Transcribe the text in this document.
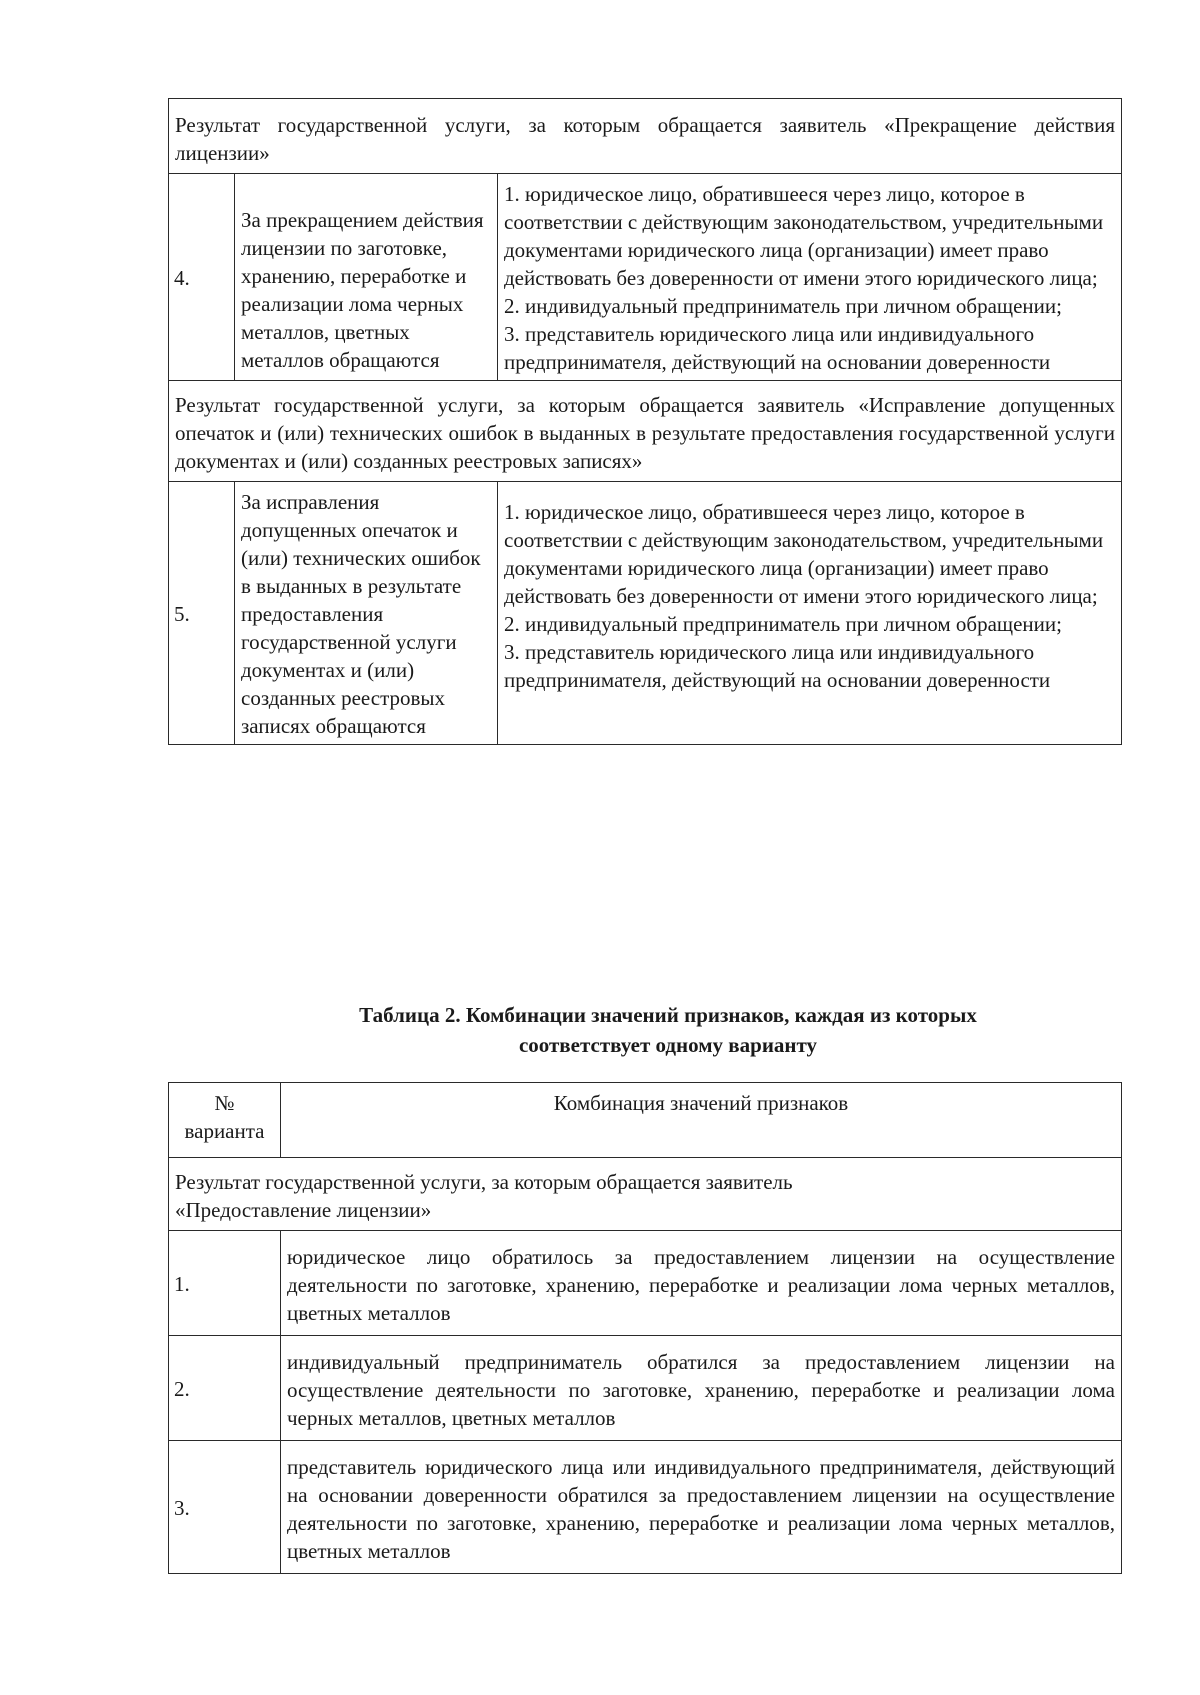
Результат государственной услуги, за которым обращается заявитель «Прекращение действия лицензии»		
4.	За прекращением действия лицензии по заготовке, хранению, переработке и реализации лома черных металлов, цветных металлов обращаются	1. юридическое лицо, обратившееся через лицо, которое в соответствии с действующим законодательством, учредительными документами юридического лица (организации) имеет право действовать без доверенности от имени этого юридического лица;
2. индивидуальный предприниматель при личном обращении;
3. представитель юридического лица или индивидуального предпринимателя, действующий на основании доверенности

Результат государственной услуги, за которым обращается заявитель «Исправление допущенных опечаток и (или) технических ошибок в выданных в результате предоставления государственной услуги документах и (или) созданных реестровых записях»		
5.	За исправления допущенных опечаток и (или) технических ошибок в выданных в результате предоставления государственной услуги документах и (или) созданных реестровых записях обращаются	1. юридическое лицо, обратившееся через лицо, которое в соответствии с действующим законодательством, учредительными документами юридического лица (организации) имеет право действовать без доверенности от имени этого юридического лица;
2. индивидуальный предприниматель при личном обращении;
3. представитель юридического лица или индивидуального предпринимателя, действующий на основании доверенности
Таблица 2. Комбинации значений признаков, каждая из которых
соответствует одному варианту
№
варианта	Комбинация значений признаков

Результат государственной услуги, за которым обращается заявитель
«Предоставление лицензии»	

1.	юридическое лицо обратилось за предоставлением лицензии на осуществление деятельности по заготовке, хранению, переработке и реализации лома черных металлов, цветных металлов
2.	индивидуальный предприниматель обратился за предоставлением лицензии на осуществление деятельности по заготовке, хранению, переработке и реализации лома черных металлов, цветных металлов
3.	представитель юридического лица или индивидуального предпринимателя, действующий на основании доверенности обратился за предоставлением лицензии на осуществление деятельности по заготовке, хранению, переработке и реализации лома черных металлов, цветных металлов
